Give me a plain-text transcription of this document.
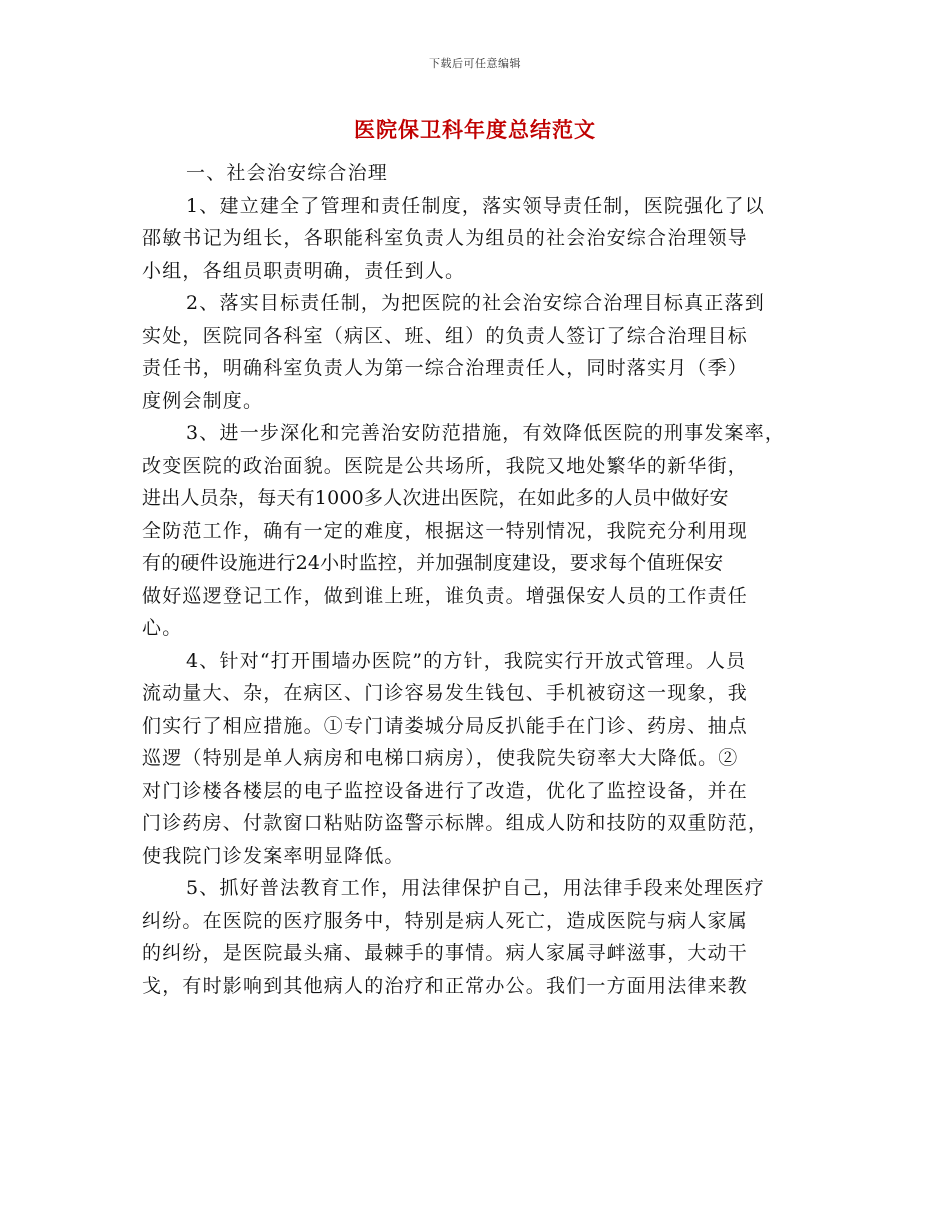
下载后可任意编辑
医院保卫科年度总结范文
一、社会治安综合治理
1、建立建全了管理和责任制度，落实领导责任制，医院强化了以
邵敏书记为组长，各职能科室负责人为组员的社会治安综合治理领导
小组，各组员职责明确，责任到人。
2、落实目标责任制，为把医院的社会治安综合治理目标真正落到
实处，医院同各科室（病区、班、组）的负责人签订了综合治理目标
责任书，明确科室负责人为第一综合治理责任人，同时落实月（季）
度例会制度。
3、进一步深化和完善治安防范措施，有效降低医院的刑事发案率，
改变医院的政治面貌。医院是公共场所，我院又地处繁华的新华街，
进出人员杂，每天有1000多人次进出医院，在如此多的人员中做好安
全防范工作，确有一定的难度，根据这一特别情况，我院充分利用现
有的硬件设施进行24小时监控，并加强制度建设，要求每个值班保安
做好巡逻登记工作，做到谁上班，谁负责。增强保安人员的工作责任
心。
4、针对“打开围墙办医院”的方针，我院实行开放式管理。人员
流动量大、杂，在病区、门诊容易发生钱包、手机被窃这一现象，我
们实行了相应措施。①专门请娄城分局反扒能手在门诊、药房、抽点
巡逻（特别是单人病房和电梯口病房），使我院失窃率大大降低。②
对门诊楼各楼层的电子监控设备进行了改造，优化了监控设备，并在
门诊药房、付款窗口粘贴防盗警示标牌。组成人防和技防的双重防范，
使我院门诊发案率明显降低。
5、抓好普法教育工作，用法律保护自己，用法律手段来处理医疗
纠纷。在医院的医疗服务中，特别是病人死亡，造成医院与病人家属
的纠纷，是医院最头痛、最棘手的事情。病人家属寻衅滋事，大动干
戈，有时影响到其他病人的治疗和正常办公。我们一方面用法律来教
